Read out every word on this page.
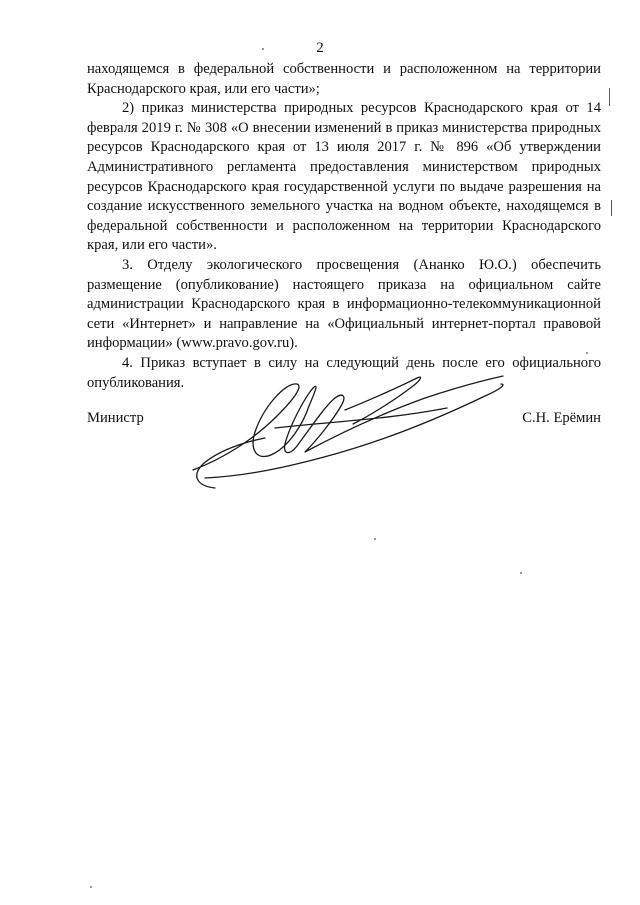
2

находящемся в федеральной собственности и расположенном на территории Краснодарского края, или его части»;

2) приказ министерства природных ресурсов Краснодарского края от 14 февраля 2019 г. № 308 «О внесении изменений в приказ министерства природных ресурсов Краснодарского края от 13 июля 2017 г. № 896 «Об утверждении Административного регламента предоставления министерством природных ресурсов Краснодарского края государственной услуги по выдаче разрешения на создание искусственного земельного участка на водном объекте, находящемся в федеральной собственности и расположенном на территории Краснодарского края, или его части».

3. Отделу экологического просвещения (Ананко Ю.О.) обеспечить размещение (опубликование) настоящего приказа на официальном сайте администрации Краснодарского края в информационно-телекоммуникационной сети «Интернет» и направление на «Официальный интернет-портал правовой информации» (www.pravo.gov.ru).

4. Приказ вступает в силу на следующий день после его официального опубликования.

Министр	С.Н. Ерёмин
